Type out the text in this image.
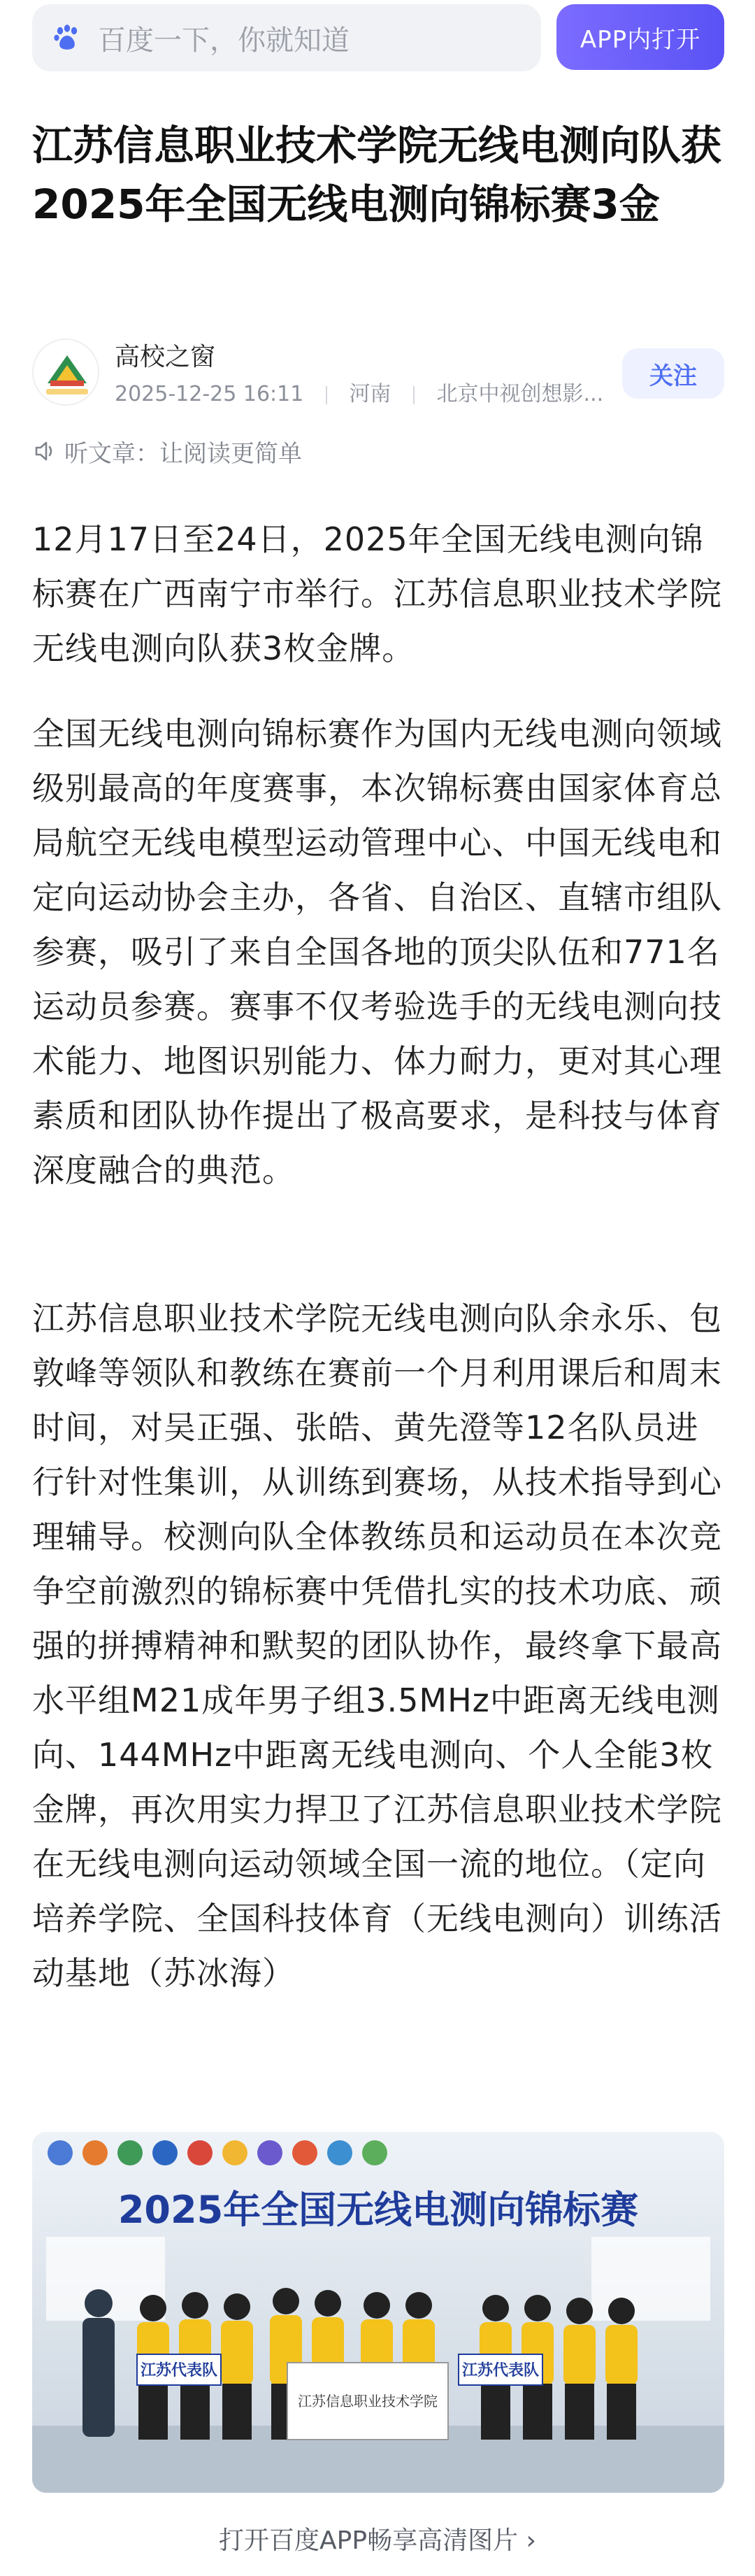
百度一下，你就知道	APP内打开
江苏信息职业技术学院无线电测向队获2025年全国无线电测向锦标赛3金
高校之窗
2025-12-25 16:11 河南 北京中视创想影...
关注
听文章：让阅读更简单

12月17日至24日，2025年全国无线电测向锦标赛在广西南宁市举行。江苏信息职业技术学院无线电测向队获3枚金牌。

全国无线电测向锦标赛作为国内无线电测向领域级别最高的年度赛事，本次锦标赛由国家体育总局航空无线电模型运动管理中心、中国无线电和定向运动协会主办，各省、自治区、直辖市组队参赛，吸引了来自全国各地的顶尖队伍和771名运动员参赛。赛事不仅考验选手的无线电测向技术能力、地图识别能力、体力耐力，更对其心理素质和团队协作提出了极高要求，是科技与体育深度融合的典范。

江苏信息职业技术学院无线电测向队余永乐、包敦峰等领队和教练在赛前一个月利用课后和周末时间，对吴正强、张皓、黄先澄等12名队员进行针对性集训，从训练到赛场，从技术指导到心理辅导。校测向队全体教练员和运动员在本次竞争空前激烈的锦标赛中凭借扎实的技术功底、顽强的拼搏精神和默契的团队协作，最终拿下最高水平组M21成年男子组3.5MHz中距离无线电测向、144MHz中距离无线电测向、个人全能3枚金牌，再次用实力捍卫了江苏信息职业技术学院在无线电测向运动领域全国一流的地位。（定向培养学院、全国科技体育（无线电测向）训练活动基地（苏冰海）

2025年全国无线电测向锦标赛
江苏代表队
江苏信息职业技术学院
江苏代表队
打开百度APP畅享高清图片 ›
